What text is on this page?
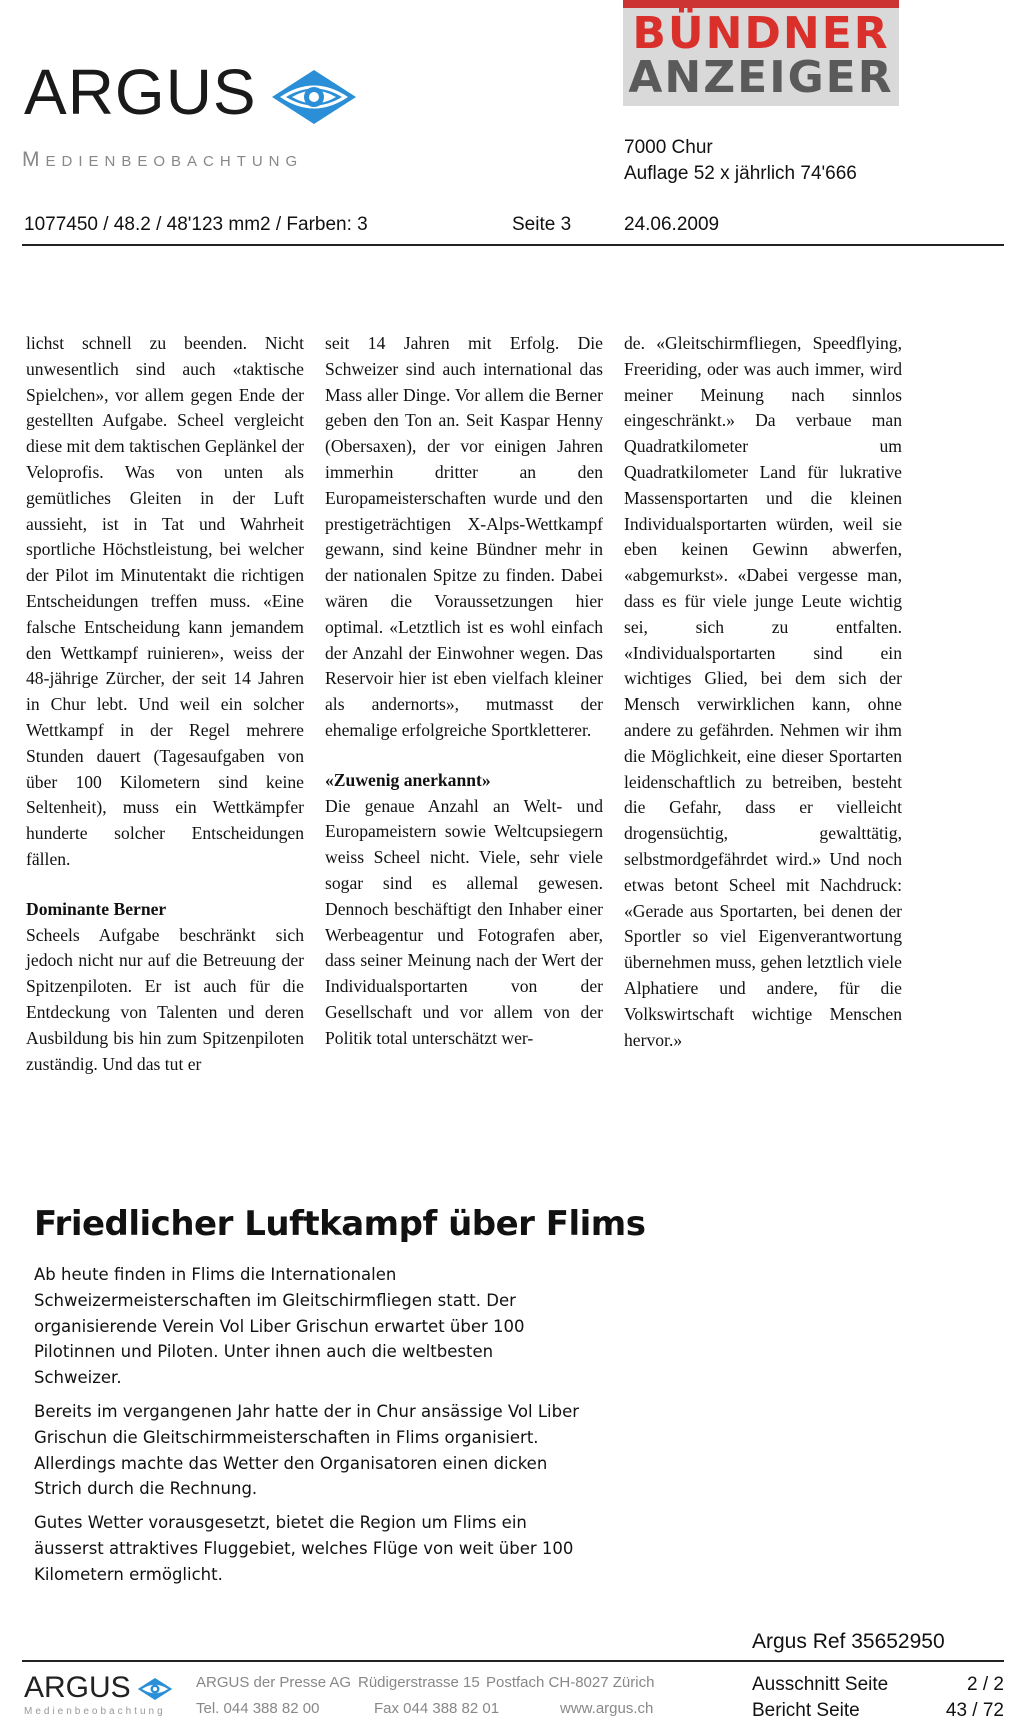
ARGUS
Medienbeobachtung
BÜNDNER
ANZEIGER
7000 Chur
Auflage 52 x jährlich 74'666
1077450 / 48.2 / 48'123 mm2 / Farben: 3	Seite 3	24.06.2009

lichst schnell zu beenden. Nicht unwesentlich sind auch «taktische Spielchen», vor allem gegen Ende der gestellten Aufgabe. Scheel vergleicht diese mit dem taktischen Geplänkel der Veloprofis. Was von unten als gemütliches Gleiten in der Luft aussieht, ist in Tat und Wahrheit sportliche Höchstleistung, bei welcher der Pilot im Minutentakt die richtigen Entscheidungen treffen muss. «Eine falsche Entscheidung kann jemandem den Wettkampf ruinieren», weiss der 48-jährige Zürcher, der seit 14 Jahren in Chur lebt. Und weil ein solcher Wettkampf in der Regel mehrere Stunden dauert (Tagesaufgaben von über 100 Kilometern sind keine Seltenheit), muss ein Wettkämpfer hunderte solcher Entscheidungen fällen.

Dominante Berner

Scheels Aufgabe beschränkt sich jedoch nicht nur auf die Betreuung der Spitzenpiloten. Er ist auch für die Entdeckung von Talenten und deren Ausbildung bis hin zum Spitzenpiloten zuständig. Und das tut er

seit 14 Jahren mit Erfolg. Die Schweizer sind auch international das Mass aller Dinge. Vor allem die Berner geben den Ton an. Seit Kaspar Henny (Obersaxen), der vor einigen Jahren immerhin dritter an den Europameisterschaften wurde und den prestigeträchtigen X-Alps-Wettkampf gewann, sind keine Bündner mehr in der nationalen Spitze zu finden. Dabei wären die Voraussetzungen hier optimal. «Letztlich ist es wohl einfach der Anzahl der Einwohner wegen. Das Reservoir hier ist eben vielfach kleiner als andernorts», mutmasst der ehemalige erfolgreiche Sportkletterer.

«Zuwenig anerkannt»

Die genaue Anzahl an Welt- und Europameistern sowie Weltcupsiegern weiss Scheel nicht. Viele, sehr viele sogar sind es allemal gewesen. Dennoch beschäftigt den Inhaber einer Werbeagentur und Fotografen aber, dass seiner Meinung nach der Wert der Individualsportarten von der Gesellschaft und vor allem von der Politik total unterschätzt wer-

de. «Gleitschirmfliegen, Speedflying, Freeriding, oder was auch immer, wird meiner Meinung nach sinnlos eingeschränkt.» Da verbaue man Quadratkilometer um Quadratkilometer Land für lukrative Massensportarten und die kleinen Individualsportarten würden, weil sie eben keinen Gewinn abwerfen, «abgemurkst». «Dabei vergesse man, dass es für viele junge Leute wichtig sei, sich zu entfalten. «Individualsportarten sind ein wichtiges Glied, bei dem sich der Mensch verwirklichen kann, ohne andere zu gefährden. Nehmen wir ihm die Möglichkeit, eine dieser Sportarten leidenschaftlich zu betreiben, besteht die Gefahr, dass er vielleicht drogensüchtig, gewalttätig, selbstmordgefährdet wird.» Und noch etwas betont Scheel mit Nachdruck: «Gerade aus Sportarten, bei denen der Sportler so viel Eigenverantwortung übernehmen muss, gehen letztlich viele Alphatiere und andere, für die Volkswirtschaft wichtige Menschen hervor.»

Friedlicher Luftkampf über Flims

Ab heute finden in Flims die Internationalen Schweizermeisterschaften im Gleitschirmfliegen statt. Der organisierende Verein Vol Liber Grischun erwartet über 100 Pilotinnen und Piloten. Unter ihnen auch die weltbesten Schweizer.

Bereits im vergangenen Jahr hatte der in Chur ansässige Vol Liber Grischun die Gleitschirmmeisterschaften in Flims organisiert. Allerdings machte das Wetter den Organisatoren einen dicken Strich durch die Rechnung.

Gutes Wetter vorausgesetzt, bietet die Region um Flims ein äusserst attraktives Fluggebiet, welches Flüge von weit über 100 Kilometern ermöglicht.

Argus Ref 35652950
ARGUS
Medienbeobachtung
ARGUS der Presse AG Rüdigerstrasse 15 Postfach CH-8027 Zürich
Tel. 044 388 82 00	Fax 044 388 82 01	www.argus.ch
Ausschnitt Seite	2 / 2
Bericht Seite	43 / 72
